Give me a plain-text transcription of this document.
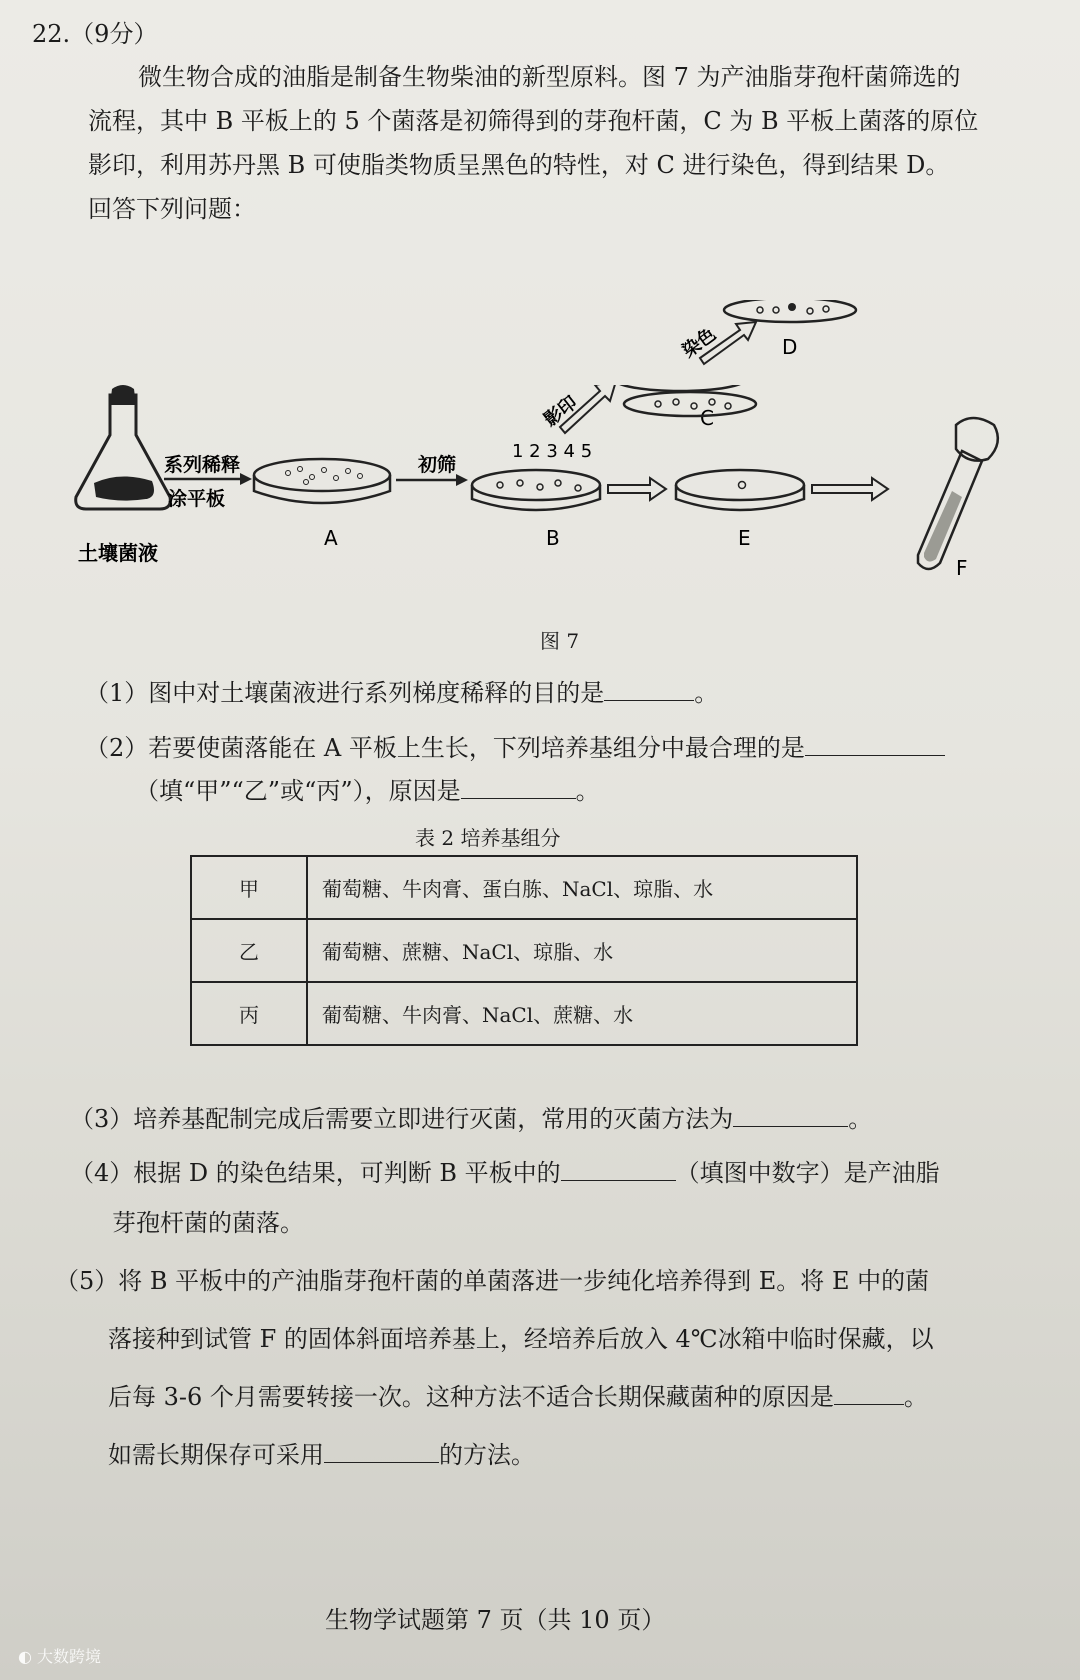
22.（9分）
微生物合成的油脂是制备生物柴油的新型原料。图 7 为产油脂芽孢杆菌筛选的
流程，其中 B 平板上的 5 个菌落是初筛得到的芽孢杆菌，C 为 B 平板上菌落的原位
影印，利用苏丹黑 B 可使脂类物质呈黑色的特性，对 C 进行染色，得到结果 D。
回答下列问题：
土壤菌液
系列稀释
涂平板
A
初筛
1 2 3 4 5
B
影印	C
E
F
染色	D
图 7
（1）图中对土壤菌液进行系列梯度稀释的目的是	。
（2）若要使菌落能在 A 平板上生长，下列培养基组分中最合理的是
（填“甲”“乙”或“丙”），原因是	。
表 2 培养基组分
甲	葡萄糖、牛肉膏、蛋白胨、NaCl、琼脂、水
乙	葡萄糖、蔗糖、NaCl、琼脂、水
丙	葡萄糖、牛肉膏、NaCl、蔗糖、水
（3）培养基配制完成后需要立即进行灭菌，常用的灭菌方法为	。
（4）根据 D 的染色结果，可判断 B 平板中的	（填图中数字）是产油脂
芽孢杆菌的菌落。
（5）将 B 平板中的产油脂芽孢杆菌的单菌落进一步纯化培养得到 E。将 E 中的菌
落接种到试管 F 的固体斜面培养基上，经培养后放入 4℃冰箱中临时保藏，以
后每 3-6 个月需要转接一次。这种方法不适合长期保藏菌种的原因是	。
如需长期保存可采用	的方法。
生物学试题第 7 页（共 10 页）
◐ 大数跨境
